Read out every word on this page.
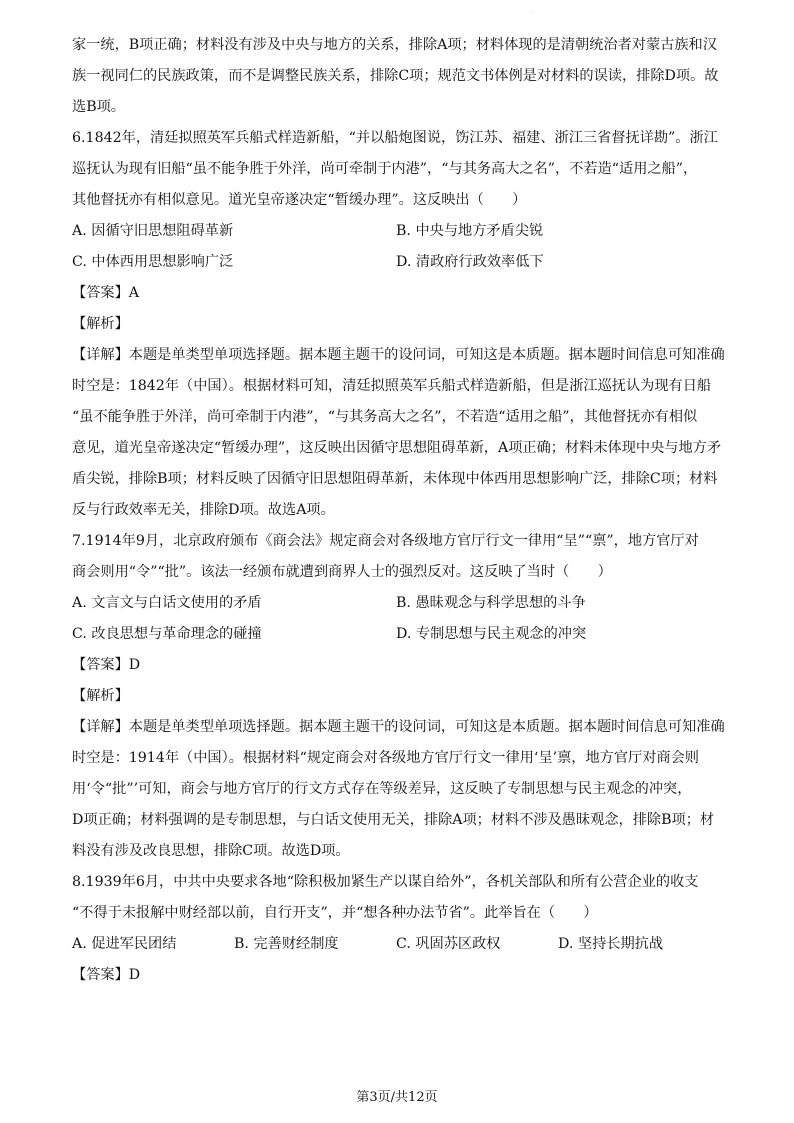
·

家一统，B项正确；材料没有涉及中央与地方的关系，排除A项；材料体现的是清朝统治者对蒙古族和汉

族一视同仁的民族政策，而不是调整民族关系，排除C项；规范文书体例是对材料的误读，排除D项。故

选B项。

6.1842年，清廷拟照英军兵船式样造新船，“并以船炮图说，饬江苏、福建、浙江三省督抚详勘”。浙江

巡抚认为现有旧船“虽不能争胜于外洋，尚可牵制于内港”，“与其务高大之名”，不若造“适用之船”，

其他督抚亦有相似意见。道光皇帝遂决定“暂缓办理”。这反映出（　　）

A. 因循守旧思想阻碍革新	B. 中央与地方矛盾尖锐
C. 中体西用思想影响广泛	D. 清政府行政效率低下

【答案】A

【解析】

【详解】本题是单类型单项选择题。据本题主题干的设问词，可知这是本质题。据本题时间信息可知准确

时空是：1842年（中国）。根据材料可知，清廷拟照英军兵船式样造新船，但是浙江巡抚认为现有日船

“虽不能争胜于外洋，尚可牵制于内港”，“与其务高大之名”，不若造“适用之船”，其他督抚亦有相似

意见，道光皇帝遂决定“暂缓办理”，这反映出因循守思想阻碍革新，A项正确；材料未体现中央与地方矛

盾尖锐，排除B项；材料反映了因循守旧思想阻碍革新，未体现中体西用思想影响广泛，排除C项；材料

反与行政效率无关，排除D项。故选A项。

7.1914年9月，北京政府颁布《商会法》规定商会对各级地方官厅行文一律用“呈”“禀”，地方官厅对

商会则用“令”“批”。该法一经颁布就遭到商界人士的强烈反对。这反映了当时（　　）

A. 文言文与白话文使用的矛盾	B. 愚昧观念与科学思想的斗争
C. 改良思想与革命理念的碰撞	D. 专制思想与民主观念的冲突

【答案】D

【解析】

【详解】本题是单类型单项选择题。据本题主题干的设问词，可知这是本质题。据本题时间信息可知准确

时空是：1914年（中国）。根据材料“规定商会对各级地方官厅行文一律用‘呈’禀，地方官厅对商会则

用‘令“批”’可知，商会与地方官厅的行文方式存在等级差异，这反映了专制思想与民主观念的冲突，

D项正确；材料强调的是专制思想，与白话文使用无关，排除A项；材料不涉及愚昧观念，排除B项；材

料没有涉及改良思想，排除C项。故选D项。

8.1939年6月，中共中央要求各地“除积极加紧生产以谋自给外”，各机关部队和所有公营企业的收支

“不得于未报解中财经部以前，自行开支”，并“想各种办法节省”。此举旨在（　　）

A. 促进军民团结	B. 完善财经制度	C. 巩固苏区政权	D. 坚持长期抗战

【答案】D

第3页/共12页
